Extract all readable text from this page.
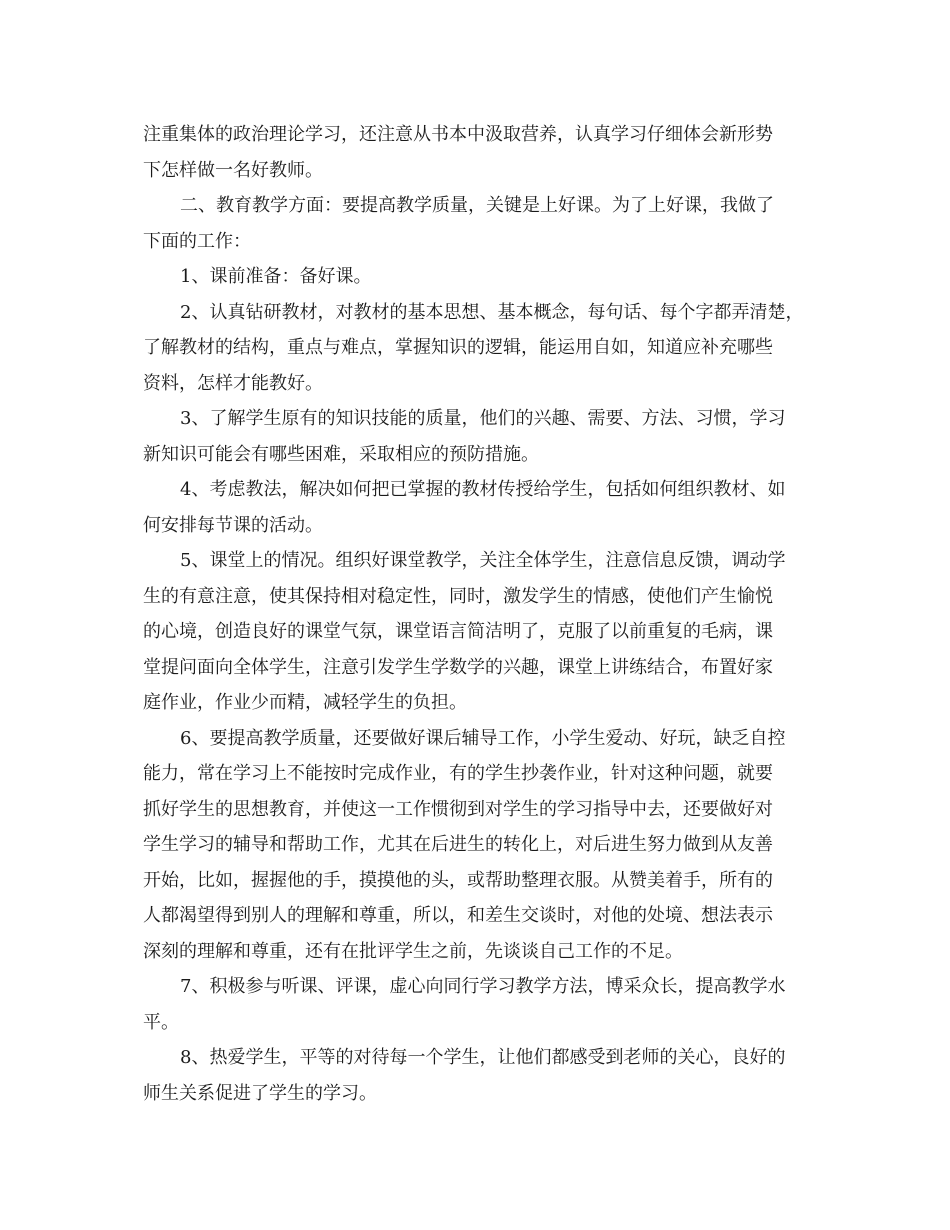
注重集体的政治理论学习，还注意从书本中汲取营养，认真学习仔细体会新形势
下怎样做一名好教师。
二、教育教学方面：要提高教学质量，关键是上好课。为了上好课，我做了
下面的工作：
1、课前准备：备好课。
2、认真钻研教材，对教材的基本思想、基本概念，每句话、每个字都弄清楚，
了解教材的结构，重点与难点，掌握知识的逻辑，能运用自如，知道应补充哪些
资料，怎样才能教好。
3、了解学生原有的知识技能的质量，他们的兴趣、需要、方法、习惯，学习
新知识可能会有哪些困难，采取相应的预防措施。
4、考虑教法，解决如何把已掌握的教材传授给学生，包括如何组织教材、如
何安排每节课的活动。
5、课堂上的情况。组织好课堂教学，关注全体学生，注意信息反馈，调动学
生的有意注意，使其保持相对稳定性，同时，激发学生的情感，使他们产生愉悦
的心境，创造良好的课堂气氛，课堂语言简洁明了，克服了以前重复的毛病，课
堂提问面向全体学生，注意引发学生学数学的兴趣，课堂上讲练结合，布置好家
庭作业，作业少而精，减轻学生的负担。
6、要提高教学质量，还要做好课后辅导工作，小学生爱动、好玩，缺乏自控
能力，常在学习上不能按时完成作业，有的学生抄袭作业，针对这种问题，就要
抓好学生的思想教育，并使这一工作惯彻到对学生的学习指导中去，还要做好对
学生学习的辅导和帮助工作，尤其在后进生的转化上，对后进生努力做到从友善
开始，比如，握握他的手，摸摸他的头，或帮助整理衣服。从赞美着手，所有的
人都渴望得到别人的理解和尊重，所以，和差生交谈时，对他的处境、想法表示
深刻的理解和尊重，还有在批评学生之前，先谈谈自己工作的不足。
7、积极参与听课、评课，虚心向同行学习教学方法，博采众长，提高教学水
平。
8、热爱学生，平等的对待每一个学生，让他们都感受到老师的关心，良好的
师生关系促进了学生的学习。
